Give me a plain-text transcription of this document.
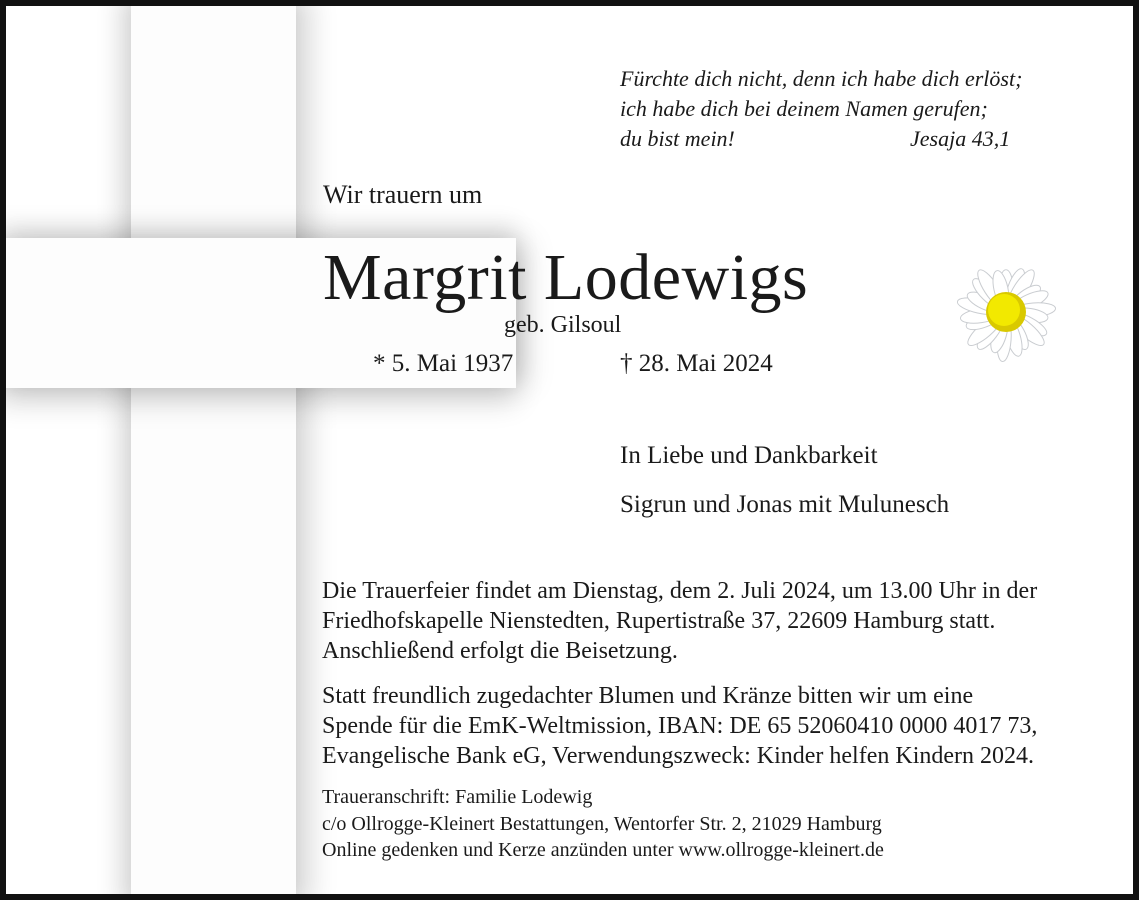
Fürchte dich nicht, denn ich habe dich erlöst;
ich habe dich bei deinem Namen gerufen;
du bist mein!	Jesaja 43,1
Wir trauern um
Margrit Lodewigs
geb. Gilsoul
* 5. Mai 1937	† 28. Mai 2024
In Liebe und Dankbarkeit
Sigrun und Jonas mit Mulunesch
Die Trauerfeier findet am Dienstag, dem 2. Juli 2024, um 13.00 Uhr in der
Friedhofskapelle Nienstedten, Rupertistraße 37, 22609 Hamburg statt.
Anschließend erfolgt die Beisetzung.
Statt freundlich zugedachter Blumen und Kränze bitten wir um eine
Spende für die EmK-Weltmission, IBAN: DE 65 52060410 0000 4017 73,
Evangelische Bank eG, Verwendungszweck: Kinder helfen Kindern 2024.
Traueranschrift: Familie Lodewig
c/o Ollrogge-Kleinert Bestattungen, Wentorfer Str. 2, 21029 Hamburg
Online gedenken und Kerze anzünden unter www.ollrogge-kleinert.de
